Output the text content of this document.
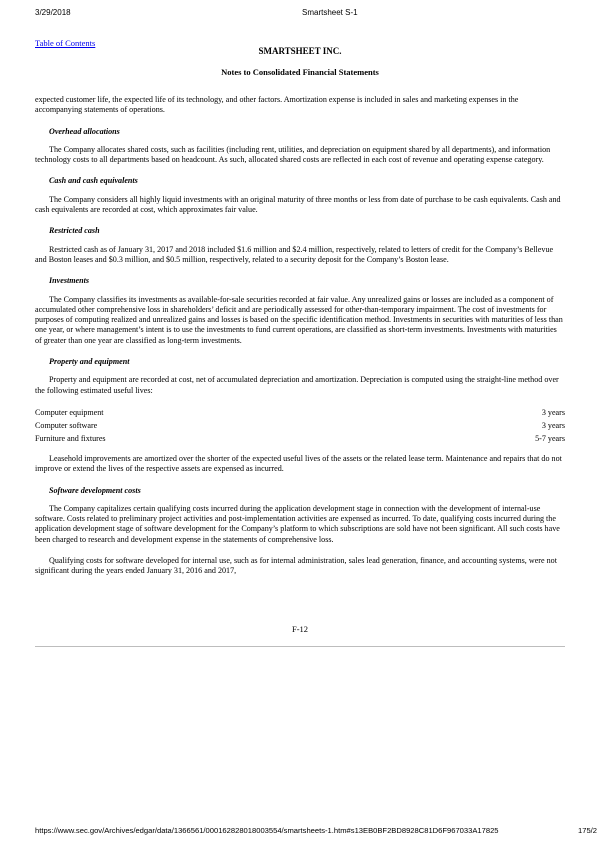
3/29/2018	Smartsheet S-1
Table of Contents
SMARTSHEET INC.
Notes to Consolidated Financial Statements

expected customer life, the expected life of its technology, and other factors. Amortization expense is included in sales and marketing expenses in the accompanying statements of operations.

Overhead allocations

The Company allocates shared costs, such as facilities (including rent, utilities, and depreciation on equipment shared by all departments), and information technology costs to all departments based on headcount. As such, allocated shared costs are reflected in each cost of revenue and operating expense category.

Cash and cash equivalents

The Company considers all highly liquid investments with an original maturity of three months or less from date of purchase to be cash equivalents. Cash and cash equivalents are recorded at cost, which approximates fair value.

Restricted cash

Restricted cash as of January 31, 2017 and 2018 included $1.6 million and $2.4 million, respectively, related to letters of credit for the Company’s Bellevue and Boston leases and $0.3 million, and $0.5 million, respectively, related to a security deposit for the Company’s Boston lease.

Investments

The Company classifies its investments as available-for-sale securities recorded at fair value. Any unrealized gains or losses are included as a component of accumulated other comprehensive loss in shareholders’ deficit and are periodically assessed for other-than-temporary impairment. The cost of investments for purposes of computing realized and unrealized gains and losses is based on the specific identification method. Investments in securities with maturities of less than one year, or where management’s intent is to use the investments to fund current operations, are classified as short-term investments. Investments with maturities of greater than one year are classified as long-term investments.

Property and equipment

Property and equipment are recorded at cost, net of accumulated depreciation and amortization. Depreciation is computed using the straight-line method over the following estimated useful lives:

Computer equipment	3 years
Computer software	3 years
Furniture and fixtures	5-7 years

Leasehold improvements are amortized over the shorter of the expected useful lives of the assets or the related lease term. Maintenance and repairs that do not improve or extend the lives of the respective assets are expensed as incurred.

Software development costs

The Company capitalizes certain qualifying costs incurred during the application development stage in connection with the development of internal-use software. Costs related to preliminary project activities and post-implementation activities are expensed as incurred. To date, qualifying costs incurred during the application development stage of software development for the Company’s platform to which subscriptions are sold have not been significant. All such costs have been charged to research and development expense in the statements of comprehensive loss.

Qualifying costs for software developed for internal use, such as for internal administration, sales lead generation, finance, and accounting systems, were not significant during the years ended January 31, 2016 and 2017,

F-12
https://www.sec.gov/Archives/edgar/data/1366561/000162828018003554/smartsheets-1.htm#s13EB0BF2BD8928C81D6F967033A17825	175/2
